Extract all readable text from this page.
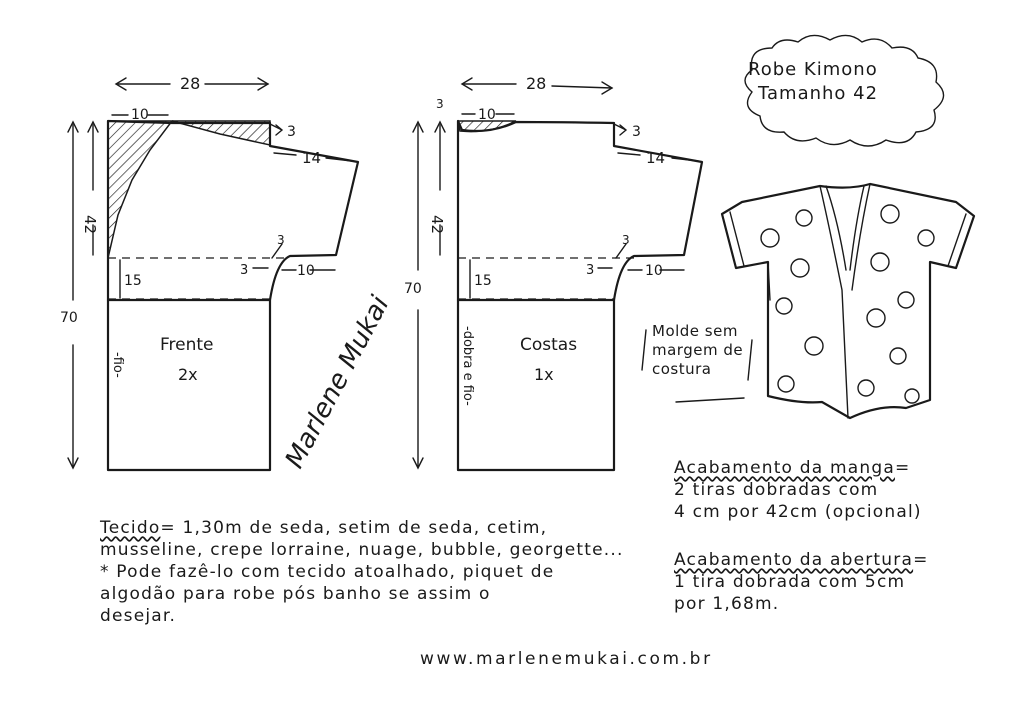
28
10
3
14
42
70
15
3
3	10
28
3
10
3
14
42
70	15
3
3	10
Frente
2x
-fio-
Costas
1x
-dobra e fio-
Marlene Mukai
Robe Kimono
Tamanho 42
Molde sem
margem de
costura
Tecido= 1,30m de seda, setim de seda, cetim,
musseline, crepe lorraine, nuage, bubble, georgette...
* Pode fazê-lo com tecido atoalhado, piquet de
algodão para robe pós banho se assim o
desejar.
Acabamento da manga=
2 tiras dobradas com
4 cm por 42cm (opcional)
Acabamento da abertura=
1 tira dobrada com 5cm
por 1,68m.
www.marlenemukai.com.br
